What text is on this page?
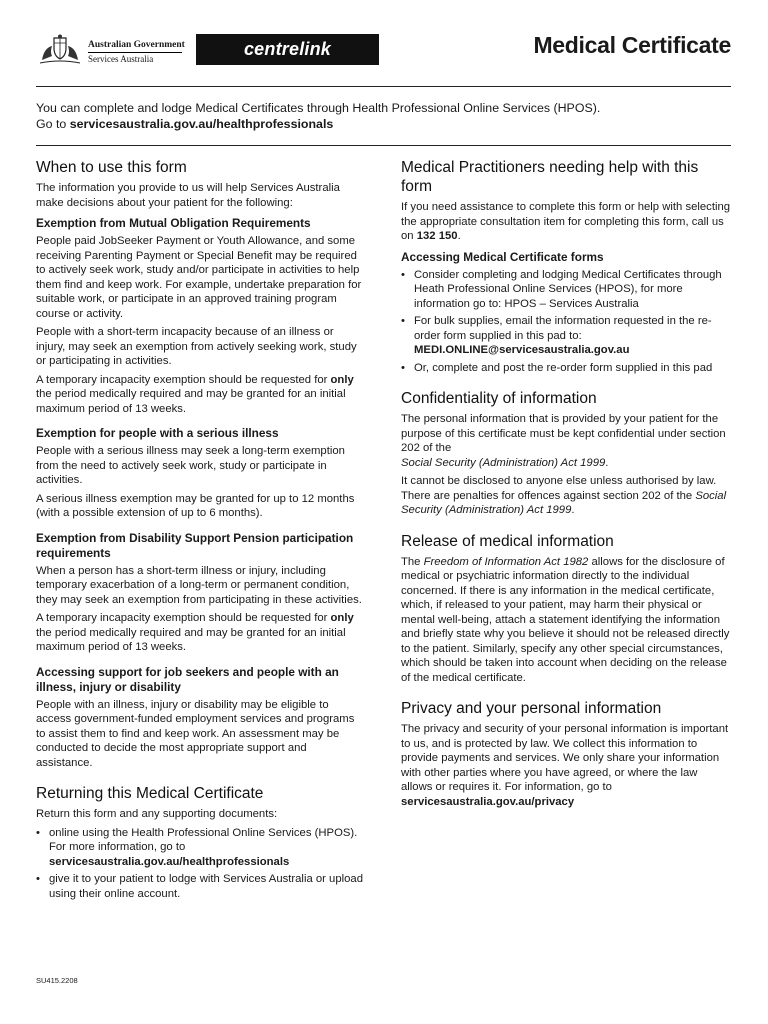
Australian Government
Services Australia	centrelink	Medical Certificate
You can complete and lodge Medical Certificates through Health Professional Online Services (HPOS).
Go to servicesaustralia.gov.au/healthprofessionals
When to use this form

The information you provide to us will help Services Australia make decisions about your patient for the following:

Exemption from Mutual Obligation Requirements

People paid JobSeeker Payment or Youth Allowance, and some receiving Parenting Payment or Special Benefit may be required to actively seek work, study and/or participate in activities to help them find and keep work. For example, undertake preparation for suitable work, or participate in an approved training program course or activity.

People with a short-term incapacity because of an illness or injury, may seek an exemption from actively seeking work, study or participating in activities.

A temporary incapacity exemption should be requested for only the period medically required and may be granted for an initial maximum period of 13 weeks.

Exemption for people with a serious illness

People with a serious illness may seek a long-term exemption from the need to actively seek work, study or participate in activities.

A serious illness exemption may be granted for up to 12 months (with a possible extension of up to 6 months).

Exemption from Disability Support Pension participation requirements

When a person has a short-term illness or injury, including temporary exacerbation of a long-term or permanent condition, they may seek an exemption from participating in these activities.

A temporary incapacity exemption should be requested for only the period medically required and may be granted for an initial maximum period of 13 weeks.

Accessing support for job seekers and people with an illness, injury or disability

People with an illness, injury or disability may be eligible to access government-funded employment services and programs to assist them to find and keep work. An assessment may be conducted to decide the most appropriate support and assistance.

Returning this Medical Certificate

Return this form and any supporting documents:

• online using the Health Professional Online Services (HPOS). For more information, go to
servicesaustralia.gov.au/healthprofessionals
• give it to your patient to lodge with Services Australia or upload using their online account.
Medical Practitioners needing help with this form

If you need assistance to complete this form or help with selecting the appropriate consultation item for completing this form, call us on 132 150.

Accessing Medical Certificate forms
• Consider completing and lodging Medical Certificates through Heath Professional Online Services (HPOS), for more information go to: HPOS – Services Australia
• For bulk supplies, email the information requested in the re-order form supplied in this pad to:
MEDI.ONLINE@servicesaustralia.gov.au
• Or, complete and post the re-order form supplied in this pad
Confidentiality of information

The personal information that is provided by your patient for the purpose of this certificate must be kept confidential under section 202 of the
Social Security (Administration) Act 1999.

It cannot be disclosed to anyone else unless authorised by law. There are penalties for offences against section 202 of the Social Security (Administration) Act 1999.

Release of medical information

The Freedom of Information Act 1982 allows for the disclosure of medical or psychiatric information directly to the individual concerned. If there is any information in the medical certificate, which, if released to your patient, may harm their physical or mental well-being, attach a statement identifying the information and briefly state why you believe it should not be released directly to the patient. Similarly, specify any other special circumstances, which should be taken into account when deciding on the release of the medical certificate.

Privacy and your personal information

The privacy and security of your personal information is important to us, and is protected by law. We collect this information to provide payments and services. We only share your information with other parties where you have agreed, or where the law allows or requires it. For information, go to
servicesaustralia.gov.au/privacy

SU415.2208
